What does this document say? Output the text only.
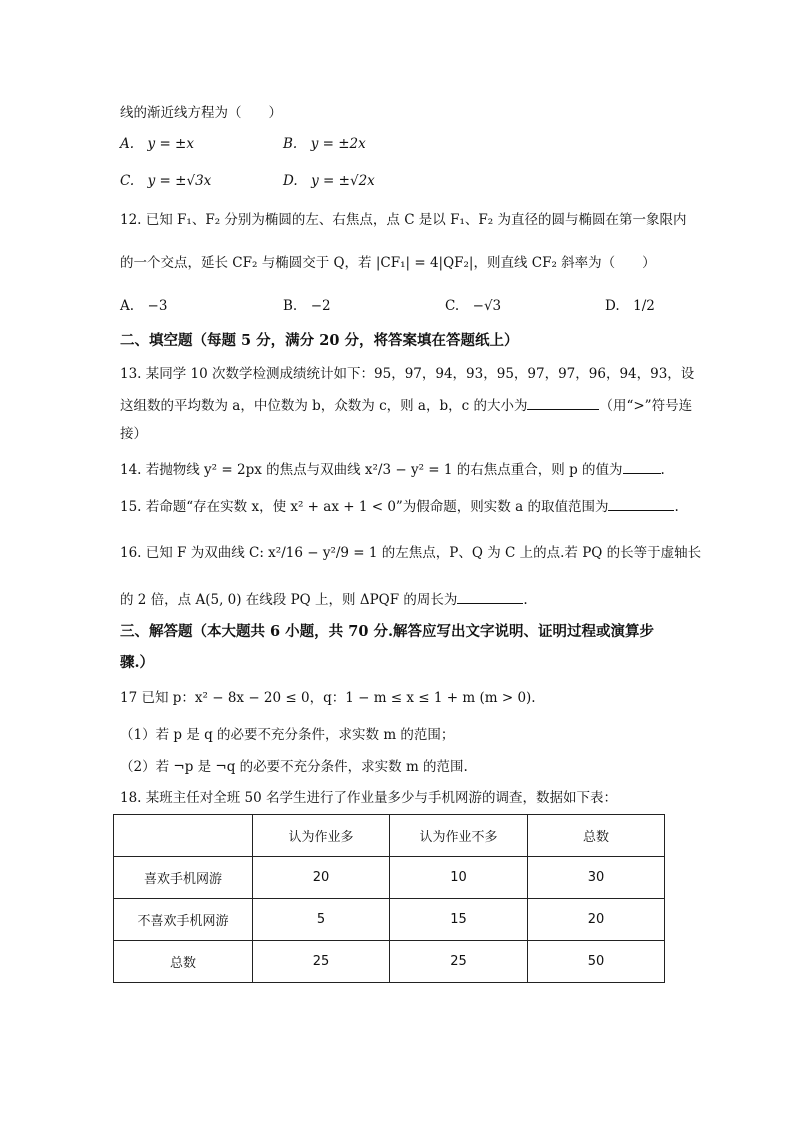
线的渐近线方程为（　　）
A.　y = ±x	B.　y = ±2x
C.　y = ±√3x	D.　y = ±√2x
12. 已知 F₁、F₂ 分别为椭圆的左、右焦点，点 C 是以 F₁、F₂ 为直径的圆与椭圆在第一象限内
的一个交点，延长 CF₂ 与椭圆交于 Q，若 |CF₁| = 4|QF₂|，则直线 CF₂ 斜率为（　　）
A.　−3	B.　−2	C.　−√3	D.　1/2
二、填空题（每题 5 分，满分 20 分，将答案填在答题纸上）
13. 某同学 10 次数学检测成绩统计如下：95，97，94，93，95，97，97，96，94，93，设
这组数的平均数为 a，中位数为 b，众数为 c，则 a，b，c 的大小为	（用“>”符号连
接）
14. 若抛物线 y² = 2px 的焦点与双曲线 x²/3 − y² = 1 的右焦点重合，则 p 的值为	.
15. 若命题“存在实数 x，使 x² + ax + 1 < 0”为假命题，则实数 a 的取值范围为	.
16. 已知 F 为双曲线 C: x²/16 − y²/9 = 1 的左焦点，P、Q 为 C 上的点.若 PQ 的长等于虚轴长
的 2 倍，点 A(5, 0) 在线段 PQ 上，则 ΔPQF 的周长为	.
三、解答题（本大题共 6 小题，共 70 分.解答应写出文字说明、证明过程或演算步
骤.）
17 已知 p：x² − 8x − 20 ≤ 0，q：1 − m ≤ x ≤ 1 + m (m > 0).
（1）若 p 是 q 的必要不充分条件，求实数 m 的范围；
（2）若 ¬p 是 ¬q 的必要不充分条件，求实数 m 的范围.
18. 某班主任对全班 50 名学生进行了作业量多少与手机网游的调查，数据如下表：
	认为作业多	认为作业不多	总数
喜欢手机网游	20	10	30
不喜欢手机网游	5	15	20
总数	25	25	50
